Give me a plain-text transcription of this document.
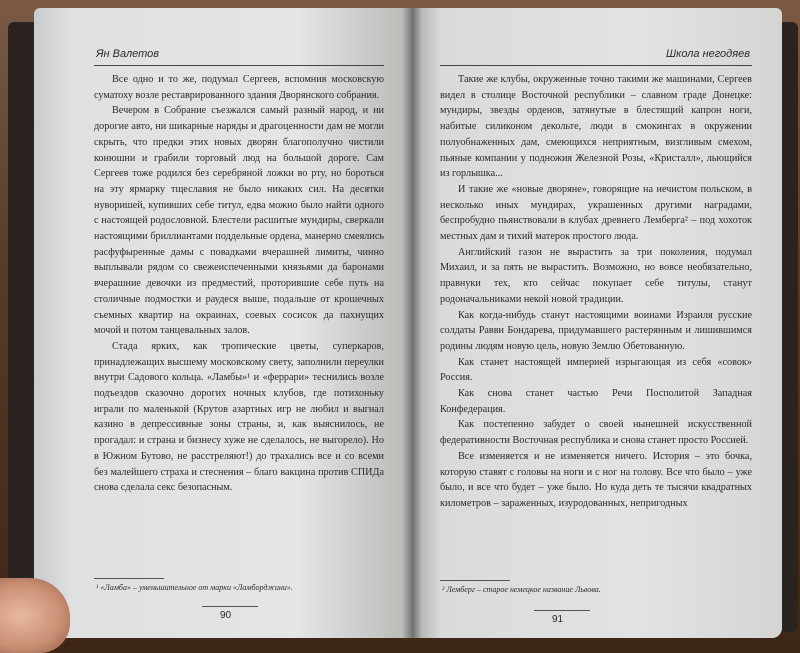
Ян Валетов

Все одно и то же, подумал Сергеев, вспомнив московскую суматоху возле реставрированного здания Дворянского собрания.

Вечером в Собрание съезжался самый разный народ, и ни дорогие авто, ни шикарные наряды и драгоценности дам не могли скрыть, что предки этих новых дворян благополучно чистили конюшни и грабили торговый люд на большой дороге. Сам Сергеев тоже родился без серебряной ложки во рту, но бороться на эту ярмарку тщеславия не было никаких сил. На десятки нуворишей, купивших себе титул, едва можно было найти одного с настоящей родословной. Блестели расшитые мундиры, сверкали настоящими бриллиантами поддельные ордена, манерно смеялись расфуфыренные дамы с повадками вчерашней лимиты, чинно выплывали рядом со свежеиспеченными князьями да баронами вчерашние девочки из предместий, проторившие себе путь на столичные подмостки и раудеся выше, подальше от крошечных съемных квартир на окраинах, соевых сосисок да пахнущих мочой и потом танцевальных залов.

Стада ярких, как тропические цветы, суперкаров, принадлежащих высшему московскому свету, заполнили переулки внутри Садового кольца. «Ламбы»¹ и «феррари» теснились возле подъездов сказочно дорогих ночных клубов, где потихоньку играли по маленькой (Крутов азартных игр не любил и выгнал казино в депрессивные зоны страны, и, как выяснилось, не прогадал: и страна и бизнесу хуже не сделалось, не выгорело). Но в Южном Бутово, не расстреляют!) до трахались все и со всеми без малейшего страха и стеснения – благо вакцина против СПИДа снова сделала секс безопасным.

¹ «Ламба» – уменьшительное от марки «Ламборджини».
90
Школа негодяев

Такие же клубы, окруженные точно такими же машинами, Сергеев видел в столице Восточной республики – славном граде Донецке: мундиры, звезды орденов, затянутые в блестящий капрон ноги, набитые силиконом декольте, люди в смокингах в окружении полуобнаженных дам, смеющихся неприятным, визгливым смехом, пьяные компании у подножия Железной Розы, «Кристалл», льющийся из горлышка...

И такие же «новые дворяне», говорящие на нечистом польском, в несколько иных мундирах, украшенных другими наградами, беспробудно пьянствовали в клубах древнего Лемберга² – под хохоток местных дам и тихий матерок простого люда.

Английский газон не вырастить за три поколения, подумал Михаил, и за пять не вырастить. Возможно, но вовсе необязательно, правнуки тех, кто сейчас покупает себе титулы, станут родоначальниками некой новой традиции.

Как когда-нибудь станут настоящими воинами Израиля русские солдаты Равви Бондарева, придумавшего растерянным и лишившимся родины людям новую цель, новую Землю Обетованную.

Как станет настоящей империей изрыгающая из себя «совок» Россия.

Как снова станет частью Речи Посполитой Западная Конфедерация.

Как постепенно забудет о своей нынешней искусственной федеративности Восточная республика и снова станет просто Россией.

Все изменяется и не изменяется ничего. История – это бочка, которую ставят с головы на ноги и с ног на голову. Все что было – уже было, и все что будет – уже было. Но куда деть те тысячи квадратных километров – зараженных, изуродованных, непригодных

² Лемберг – старое немецкое название Львова.
91
